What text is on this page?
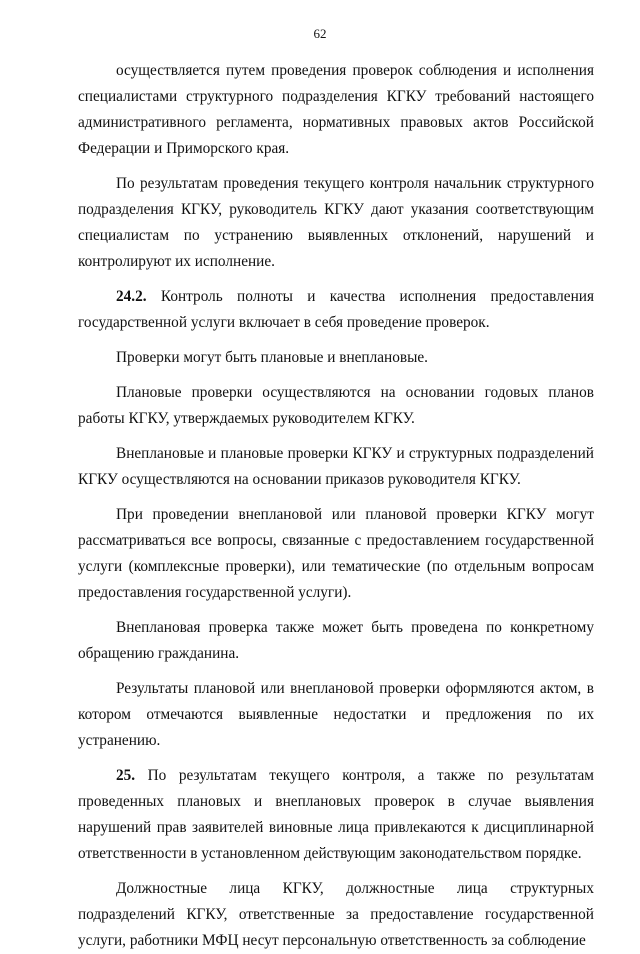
62

осуществляется путем проведения проверок соблюдения и исполнения специалистами структурного подразделения КГКУ требований настоящего административного регламента, нормативных правовых актов Российской Федерации и Приморского края.

По результатам проведения текущего контроля начальник структурного подразделения КГКУ, руководитель КГКУ дают указания соответствующим специалистам по устранению выявленных отклонений, нарушений и контролируют их исполнение.

24.2. Контроль полноты и качества исполнения предоставления государственной услуги включает в себя проведение проверок.

Проверки могут быть плановые и внеплановые.

Плановые проверки осуществляются на основании годовых планов работы КГКУ, утверждаемых руководителем КГКУ.

Внеплановые и плановые проверки КГКУ и структурных подразделений КГКУ осуществляются на основании приказов руководителя КГКУ.

При проведении внеплановой или плановой проверки КГКУ могут рассматриваться все вопросы, связанные с предоставлением государственной услуги (комплексные проверки), или тематические (по отдельным вопросам предоставления государственной услуги).

Внеплановая проверка также может быть проведена по конкретному обращению гражданина.

Результаты плановой или внеплановой проверки оформляются актом, в котором отмечаются выявленные недостатки и предложения по их устранению.

25. По результатам текущего контроля, а также по результатам проведенных плановых и внеплановых проверок в случае выявления нарушений прав заявителей виновные лица привлекаются к дисциплинарной ответственности в установленном действующим законодательством порядке.

Должностные лица КГКУ, должностные лица структурных подразделений КГКУ, ответственные за предоставление государственной услуги, работники МФЦ несут персональную ответственность за соблюдение
